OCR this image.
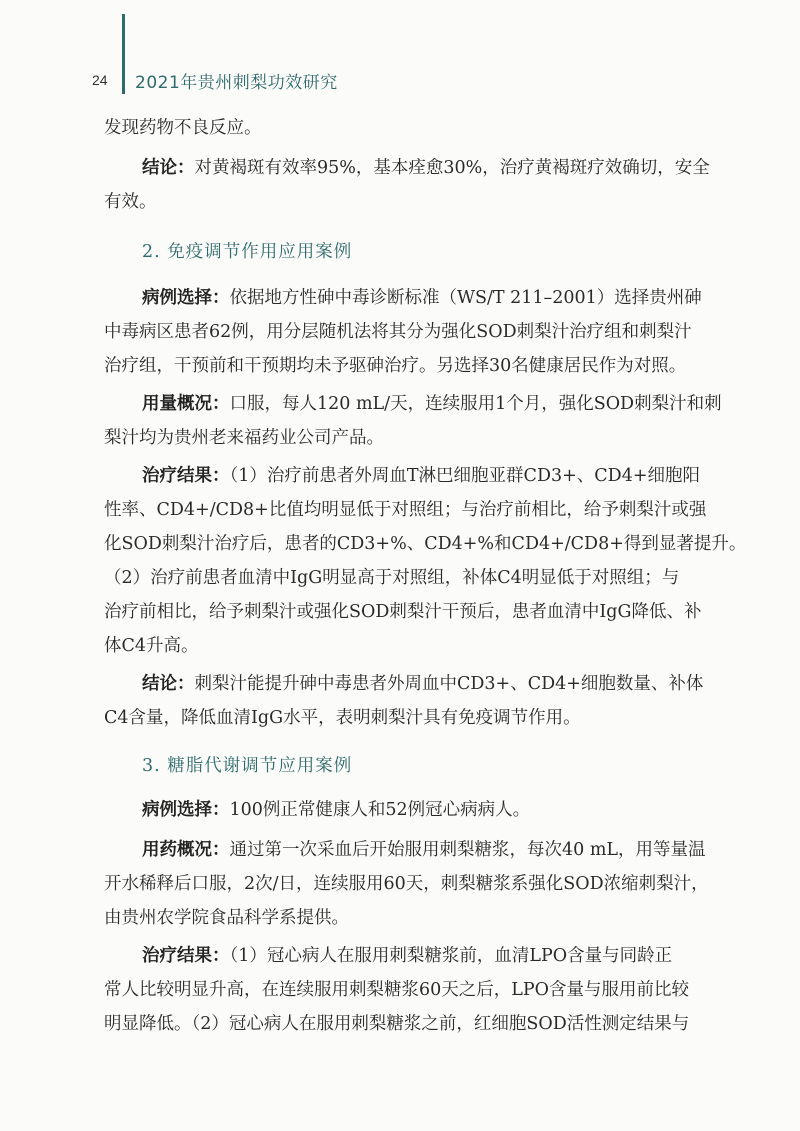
24 2021年贵州刺梨功效研究
发现药物不良反应。
结论：对黄褐斑有效率95%，基本痊愈30%，治疗黄褐斑疗效确切，安全
有效。
2. 免疫调节作用应用案例
病例选择：依据地方性砷中毒诊断标准（WS/T 211–2001）选择贵州砷
中毒病区患者62例，用分层随机法将其分为强化SOD刺梨汁治疗组和刺梨汁
治疗组，干预前和干预期均未予驱砷治疗。另选择30名健康居民作为对照。
用量概况：口服，每人120 mL/天，连续服用1个月，强化SOD刺梨汁和刺
梨汁均为贵州老来福药业公司产品。
治疗结果：（1）治疗前患者外周血T淋巴细胞亚群CD3+、CD4+细胞阳
性率、CD4+/CD8+比值均明显低于对照组；与治疗前相比，给予刺梨汁或强
化SOD刺梨汁治疗后，患者的CD3+%、CD4+%和CD4+/CD8+得到显著提升。
（2）治疗前患者血清中IgG明显高于对照组，补体C4明显低于对照组；与
治疗前相比，给予刺梨汁或强化SOD刺梨汁干预后，患者血清中IgG降低、补
体C4升高。
结论：刺梨汁能提升砷中毒患者外周血中CD3+、CD4+细胞数量、补体
C4含量，降低血清IgG水平，表明刺梨汁具有免疫调节作用。
3. 糖脂代谢调节应用案例
病例选择：100例正常健康人和52例冠心病病人。
用药概况：通过第一次采血后开始服用刺梨糖浆，每次40 mL，用等量温
开水稀释后口服，2次/日，连续服用60天，刺梨糖浆系强化SOD浓缩刺梨汁，
由贵州农学院食品科学系提供。
治疗结果：（1）冠心病人在服用刺梨糖浆前，血清LPO含量与同龄正
常人比较明显升高，在连续服用刺梨糖浆60天之后，LPO含量与服用前比较
明显降低。（2）冠心病人在服用刺梨糖浆之前，红细胞SOD活性测定结果与
